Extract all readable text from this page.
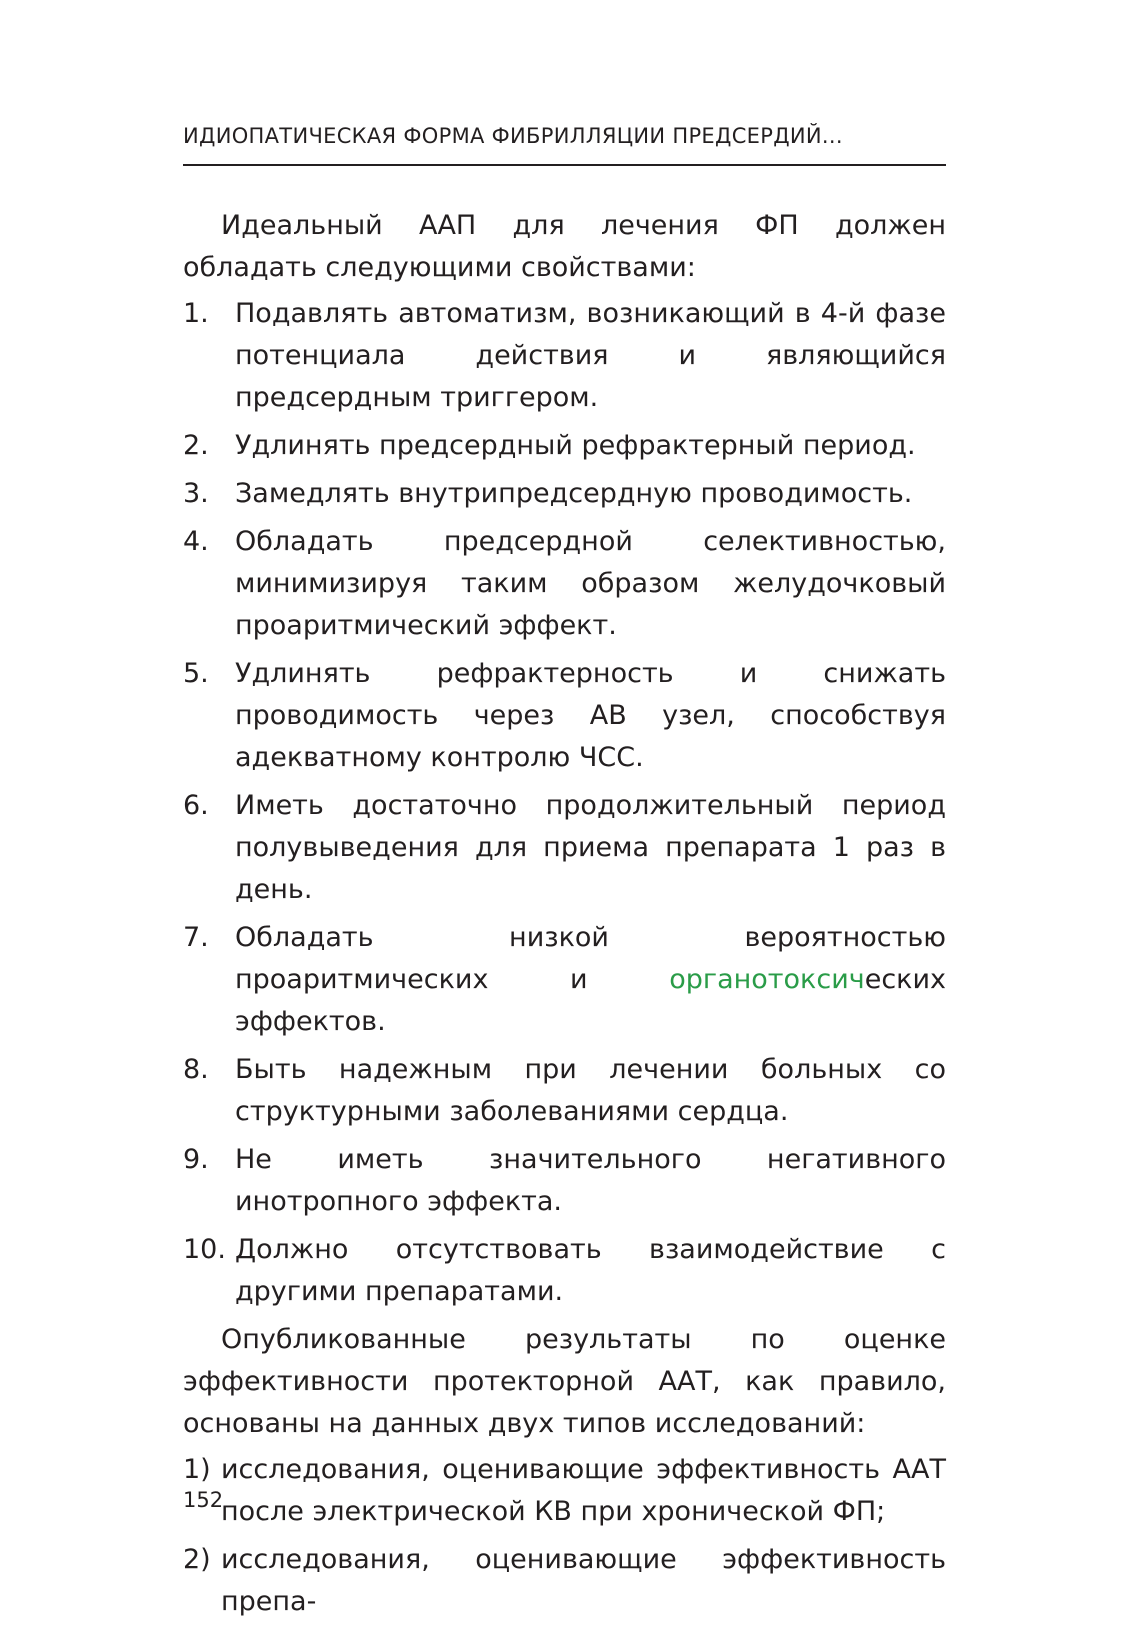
ИДИОПАТИЧЕСКАЯ ФОРМА ФИБРИЛЛЯЦИИ ПРЕДСЕРДИЙ...

Идеальный ААП для лечения ФП должен обладать следующими свойствами:

1. Подавлять автоматизм, возникающий в 4-й фазе потенциала действия и являющийся предсердным триггером.
2. Удлинять предсердный рефрактерный период.
3. Замедлять внутрипредсердную проводимость.
4. Обладать предсердной селективностью, минимизируя таким образом желудочковый проаритмический эффект.
5. Удлинять рефрактерность и снижать проводимость через АВ узел, способствуя адекватному контролю ЧСС.
6. Иметь достаточно продолжительный период полувыведения для приема препарата 1 раз в день.
7. Обладать низкой вероятностью проаритмических и органотоксических эффектов.
8. Быть надежным при лечении больных со структурными заболеваниями сердца.
9. Не иметь значительного негативного инотропного эффекта.
10. Должно отсутствовать взаимодействие с другими препаратами.

Опубликованные результаты по оценке эффективности протекторной ААТ, как правило, основаны на данных двух типов исследований:

1) исследования, оценивающие эффективность ААТ после электрической КВ при хронической ФП;
2) исследования, оценивающие эффективность препа-
152
